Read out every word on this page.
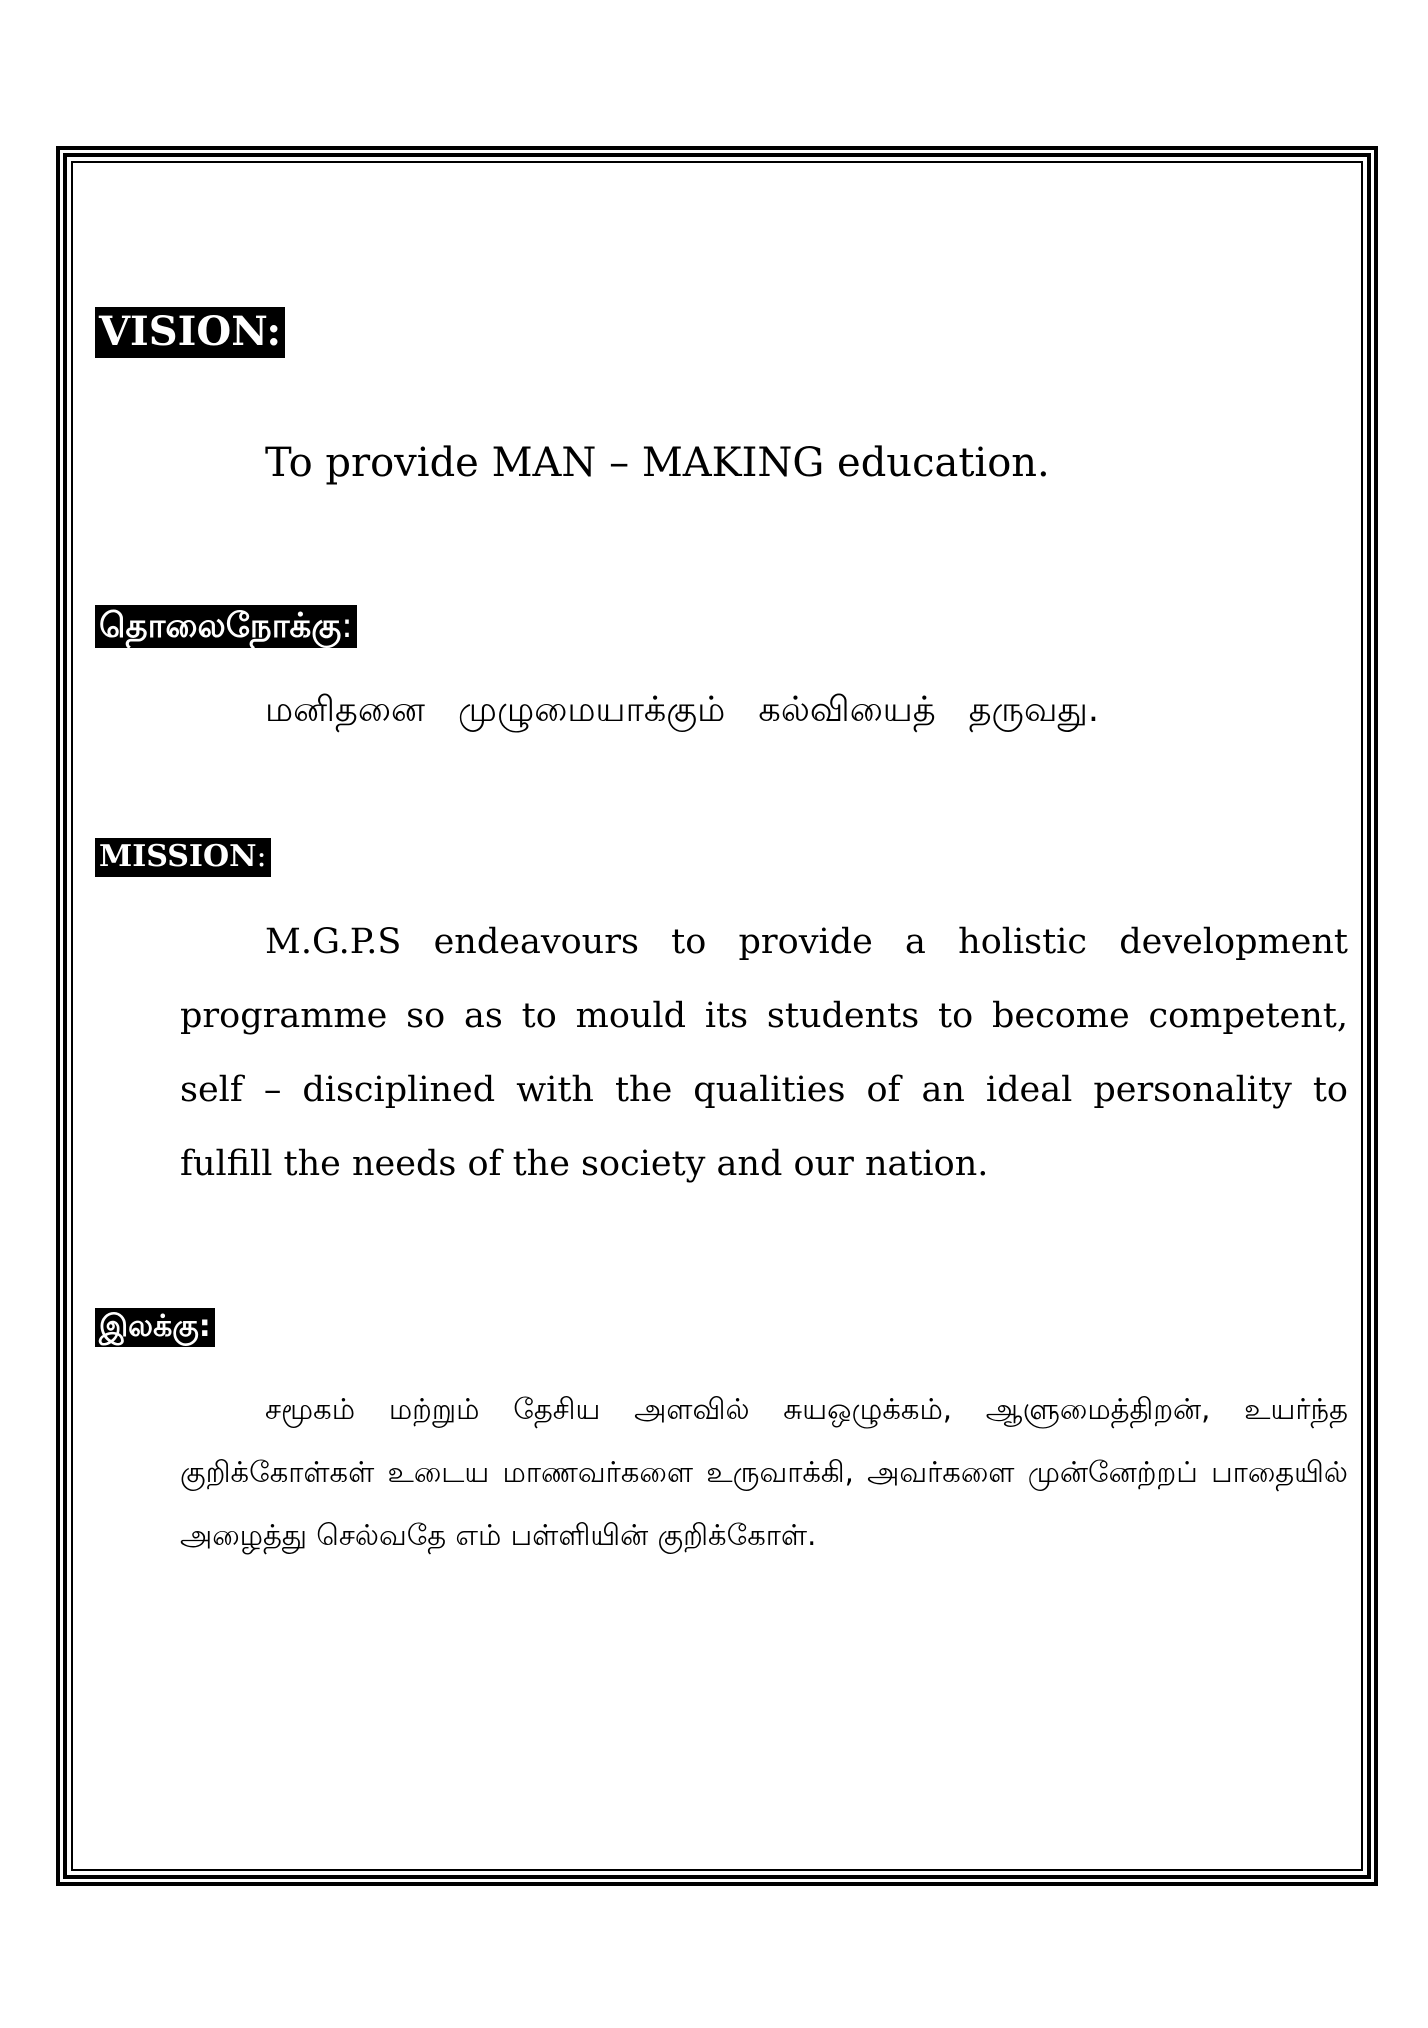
VISION:
To provide MAN – MAKING education.
தொலைநோக்கு:
மனிதனை முழுமையாக்கும் கல்வியைத் தருவது.
MISSION:
M.G.P.S endeavours to provide a holistic development programme so as to mould its students to become competent, self – disciplined with the qualities of an ideal personality to fulfill the needs of the society and our nation.
இலக்கு:
சமூகம் மற்றும் தேசிய அளவில் சுயஒழுக்கம், ஆளுமைத்திறன், உயர்ந்த குறிக்கோள்கள் உடைய மாணவர்களை உருவாக்கி, அவர்களை முன்னேற்றப் பாதையில் அழைத்து செல்வதே எம் பள்ளியின் குறிக்கோள்.
